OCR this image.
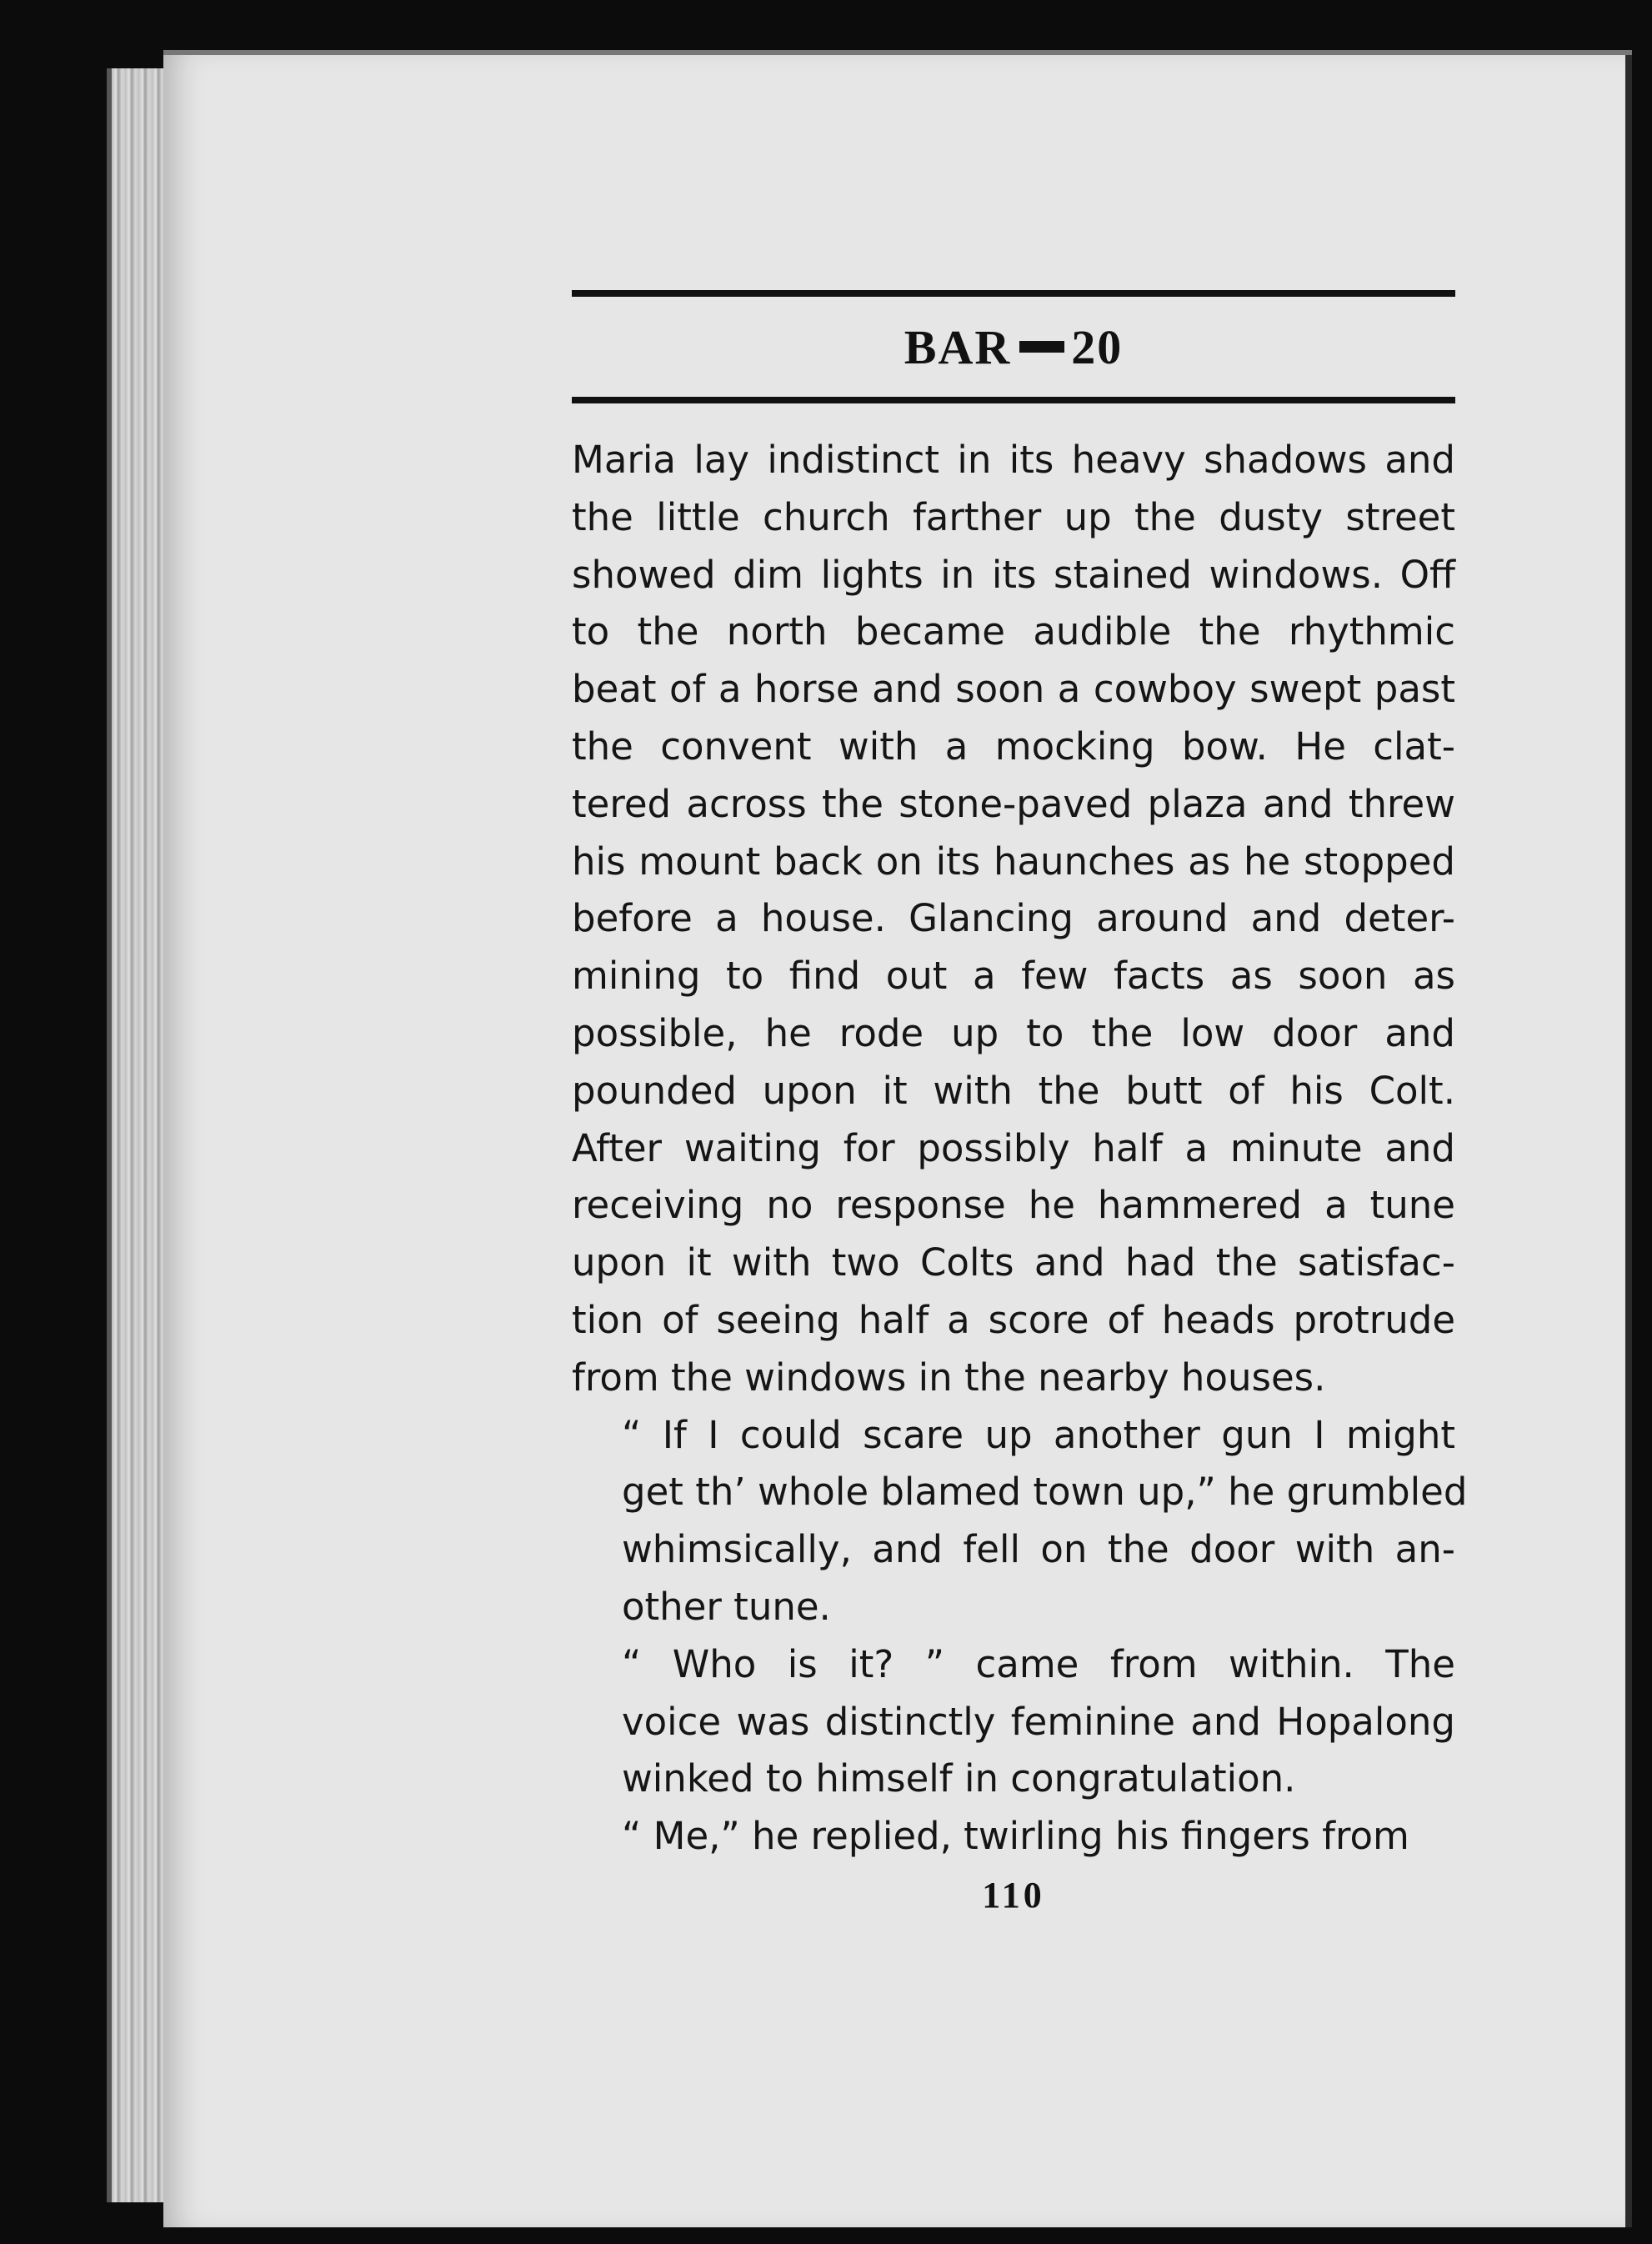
BAR 20
Maria lay indistinct in its heavy shadows and
the little church farther up the dusty street
showed dim lights in its stained windows. Off
to the north became audible the rhythmic
beat of a horse and soon a cowboy swept past
the convent with a mocking bow. He clat-
tered across the stone-paved plaza and threw
his mount back on its haunches as he stopped
before a house. Glancing around and deter-
mining to find out a few facts as soon as
possible, he rode up to the low door and
pounded upon it with the butt of his Colt.
After waiting for possibly half a minute and
receiving no response he hammered a tune
upon it with two Colts and had the satisfac-
tion of seeing half a score of heads protrude
from the windows in the nearby houses.
“ If I could scare up another gun I might
get th’ whole blamed town up,” he grumbled
whimsically, and fell on the door with an-
other tune.
“ Who is it? ” came from within. The
voice was distinctly feminine and Hopalong
winked to himself in congratulation.
“ Me,” he replied, twirling his fingers from
110
